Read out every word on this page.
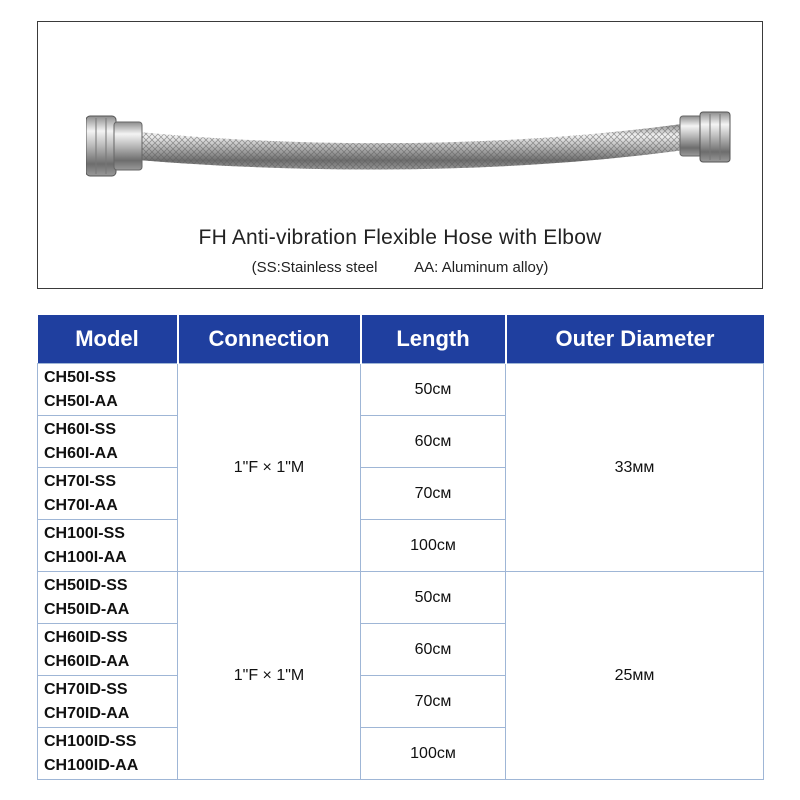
FH Anti-vibration Flexible Hose with Elbow
(SS:Stainless steel AA: Aluminum alloy)
Model	Connection	Length	Outer Diameter

CH50I-SS
CH50I-AA	1"F × 1"M	50см	33мм

CH60I-SS
CH60I-AA		60см	

CH70I-SS
CH70I-AA		70см	

CH100I-SS
CH100I-AA		100см	

CH50ID-SS
CH50ID-AA	1"F × 1"M	50см	25мм

CH60ID-SS
CH60ID-AA		60см	

CH70ID-SS
CH70ID-AA		70см	

CH100ID-SS
CH100ID-AA		100см	
